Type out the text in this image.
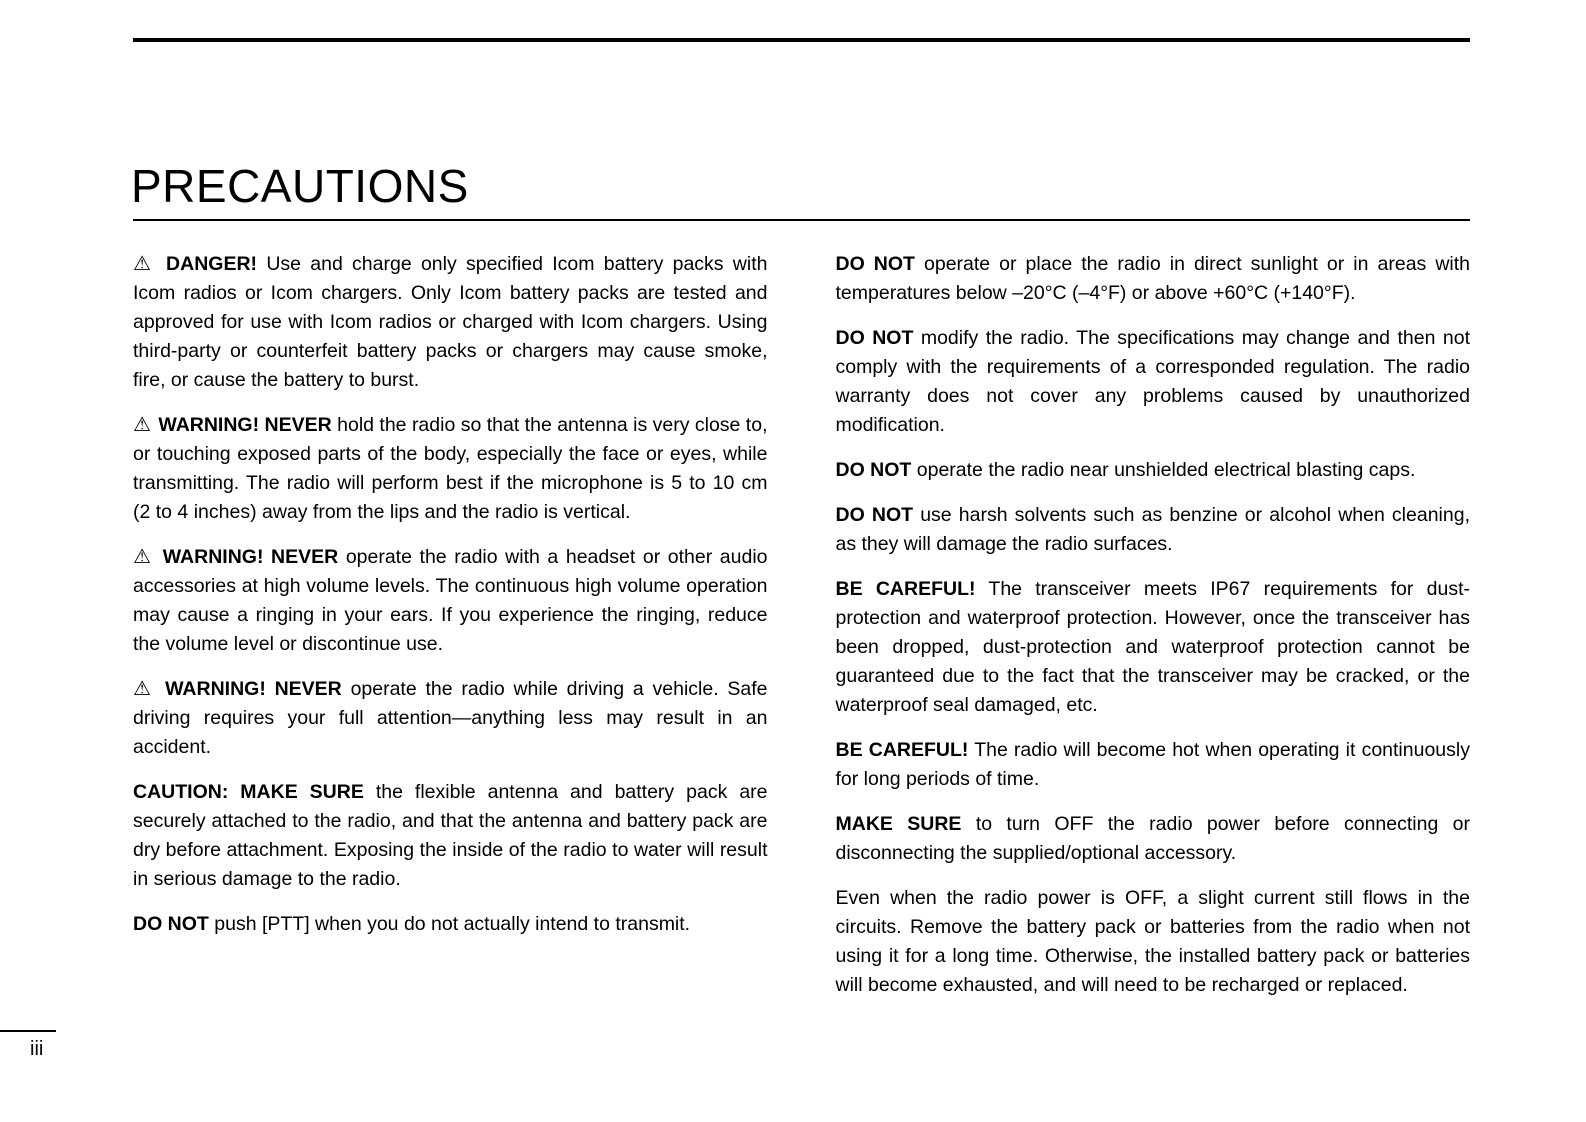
PRECAUTIONS

⚠ DANGER! Use and charge only specified Icom battery packs with Icom radios or Icom chargers. Only Icom battery packs are tested and approved for use with Icom radios or charged with Icom chargers. Using third-party or counterfeit battery packs or chargers may cause smoke, fire, or cause the battery to burst.

⚠ WARNING! NEVER hold the radio so that the antenna is very close to, or touching exposed parts of the body, especially the face or eyes, while transmitting. The radio will perform best if the microphone is 5 to 10 cm (2 to 4 inches) away from the lips and the radio is vertical.

⚠ WARNING! NEVER operate the radio with a headset or other audio accessories at high volume levels. The continuous high volume operation may cause a ringing in your ears. If you experience the ringing, reduce the volume level or discontinue use.

⚠ WARNING! NEVER operate the radio while driving a vehicle. Safe driving requires your full attention—anything less may result in an accident.

CAUTION: MAKE SURE the flexible antenna and battery pack are securely attached to the radio, and that the antenna and battery pack are dry before attachment. Exposing the inside of the radio to water will result in serious damage to the radio.

DO NOT push [PTT] when you do not actually intend to transmit.

DO NOT operate or place the radio in direct sunlight or in areas with temperatures below –20°C (–4°F) or above +60°C (+140°F).

DO NOT modify the radio. The specifications may change and then not comply with the requirements of a corresponded regulation. The radio warranty does not cover any problems caused by unauthorized modification.

DO NOT operate the radio near unshielded electrical blasting caps.

DO NOT use harsh solvents such as benzine or alcohol when cleaning, as they will damage the radio surfaces.

BE CAREFUL! The transceiver meets IP67 requirements for dust-protection and waterproof protection. However, once the transceiver has been dropped, dust-protection and waterproof protection cannot be guaranteed due to the fact that the transceiver may be cracked, or the waterproof seal damaged, etc.

BE CAREFUL! The radio will become hot when operating it continuously for long periods of time.

MAKE SURE to turn OFF the radio power before connecting or disconnecting the supplied/optional accessory.

Even when the radio power is OFF, a slight current still flows in the circuits. Remove the battery pack or batteries from the radio when not using it for a long time. Otherwise, the installed battery pack or batteries will become exhausted, and will need to be recharged or replaced.

iii
